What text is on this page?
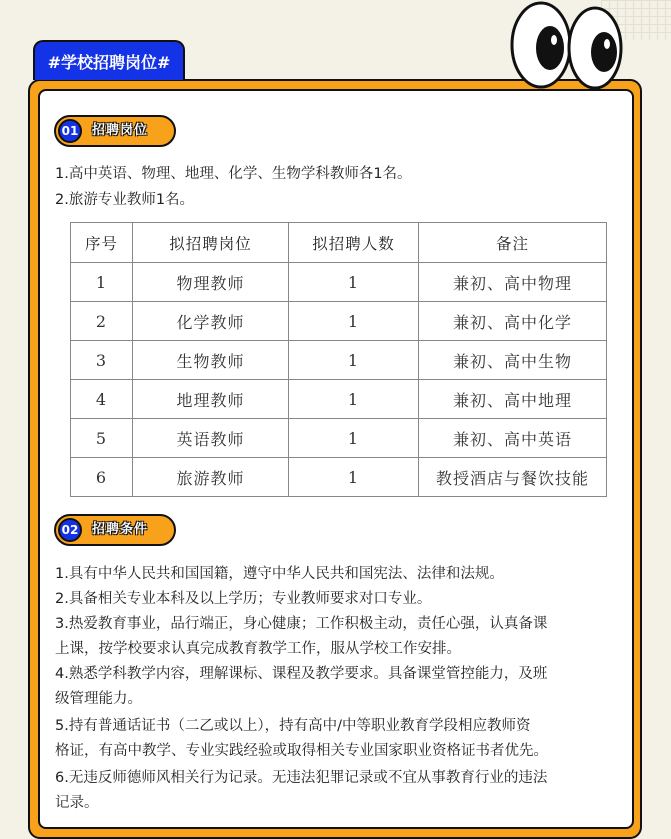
#学校招聘岗位#
01 招聘岗位
1.高中英语、物理、地理、化学、生物学科教师各1名。
2.旅游专业教师1名。
序号	拟招聘岗位	拟招聘人数	备注
1	物理教师	1	兼初、高中物理
2	化学教师	1	兼初、高中化学
3	生物教师	1	兼初、高中生物
4	地理教师	1	兼初、高中地理
5	英语教师	1	兼初、高中英语
6	旅游教师	1	教授酒店与餐饮技能
02 招聘条件
1.具有中华人民共和国国籍，遵守中华人民共和国宪法、法律和法规。
2.具备相关专业本科及以上学历；专业教师要求对口专业。
3.热爱教育事业，品行端正，身心健康；工作积极主动，责任心强，认真备课
上课，按学校要求认真完成教育教学工作，服从学校工作安排。
4.熟悉学科教学内容，理解课标、课程及教学要求。具备课堂管控能力，及班
级管理能力。
5.持有普通话证书（二乙或以上），持有高中/中等职业教育学段相应教师资
格证，有高中教学、专业实践经验或取得相关专业国家职业资格证书者优先。
6.无违反师德师风相关行为记录。无违法犯罪记录或不宜从事教育行业的违法
记录。
